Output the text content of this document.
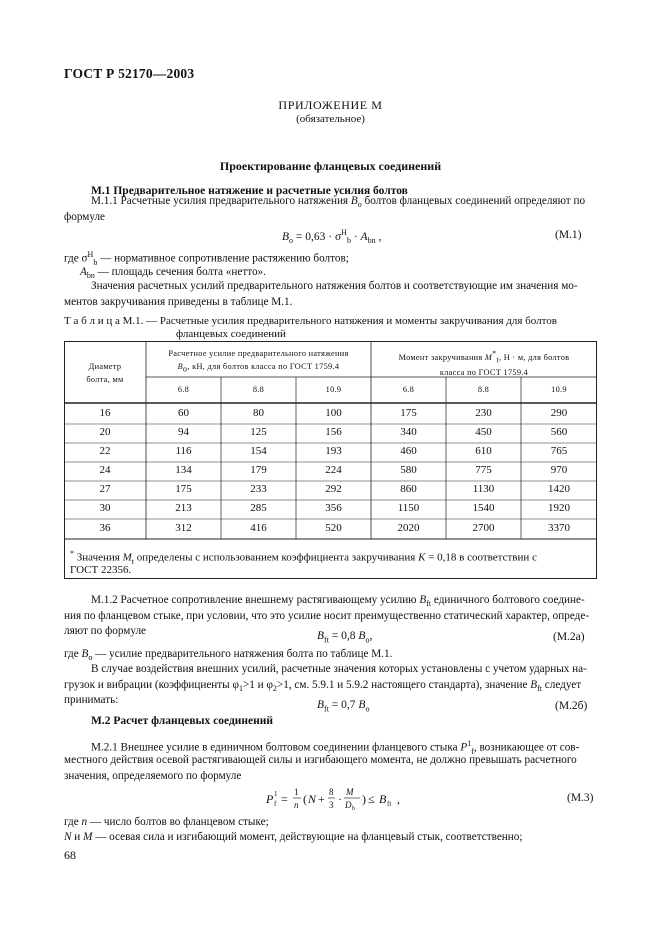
ГОСТ Р 52170—2003
ПРИЛОЖЕНИЕ М
(обязательное)
Проектирование фланцевых соединений
М.1 Предварительное натяжение и расчетные усилия болтов
М.1.1 Расчетные усилия предварительного натяжения $B_о$ болтов фланцевых соединений определяют по
формуле
$B_о = 0,63 \cdot \sigma^Н_b \cdot A_{bn}$ ,	(М.1)
где $\sigma^Н_b$ — нормативное сопротивление растяжению болтов;
$A_{bn}$ — площадь сечения болта «нетто».
Значения расчетных усилий предварительного натяжения болтов и соответствующие им значения мо-
ментов закручивания приведены в таблице М.1.
Т а б л и ц а М.1. — Расчетные усилия предварительного натяжения и моменты закручивания для болтов
фланцевых соединений
Диаметр
болта, мм
Расчетное усилие предварительного натяжения
$B_о$, кН, для болтов класса по ГОСТ 1759.4
Момент закручивания $M^*_t$, Н · м, для болтов
класса по ГОСТ 1759.4
6.8	8.8	10.9	6.8	8.8	10.9
16	60	80	100	175	230	290
20	94	125	156	340	450	560
22	116	154	193	460	610	765
24	134	179	224	580	775	970
27	175	233	292	860	1130	1420
30	213	285	356	1150	1540	1920
36	312	416	520	2020	2700	3370
* Значения $M_t$ определены с использованием коэффициента закручивания K = 0,18 в соответствии с
ГОСТ 22356.
М.1.2 Расчетное сопротивление внешнему растягивающему усилию $B_{ft}$ единичного болтового соедине-
ния по фланцевом стыке, при условии, что это усилие носит преимущественно статический характер, опреде-
ляют по формуле	$B_{ft} = 0,8$ $B_о$,	(М.2а)
где $B_о$ — усилие предварительного натяжения болта по таблице М.1.
В случае воздействия внешних усилий, расчетные значения которых установлены с учетом ударных на-
грузок и вибрации (коэффициенты $\varphi_1>1$ и $\varphi_2>1$, см. 5.9.1 и 5.9.2 настоящего стандарта), значение $B_{ft}$ следует
принимать:	$B_{ft} = 0,7$ $B_о$	(М.2б)
М.2 Расчет фланцевых соединений
М.2.1 Внешнее усилие в единичном болтовом соединении фланцевого стыка $P^1_f$, возникающее от сов-
местного действия осевой растягивающей силы и изгибающего момента, не должно превышать расчетного
значения, определяемого по формуле
P 1
f = 1
n ( N + 8
3 · M
D b
) ≤ B ft ,	(М.3)
где n — число болтов во фланцевом стыке;
N и M — осевая сила и изгибающий момент, действующие на фланцевый стык, соответственно;
68
